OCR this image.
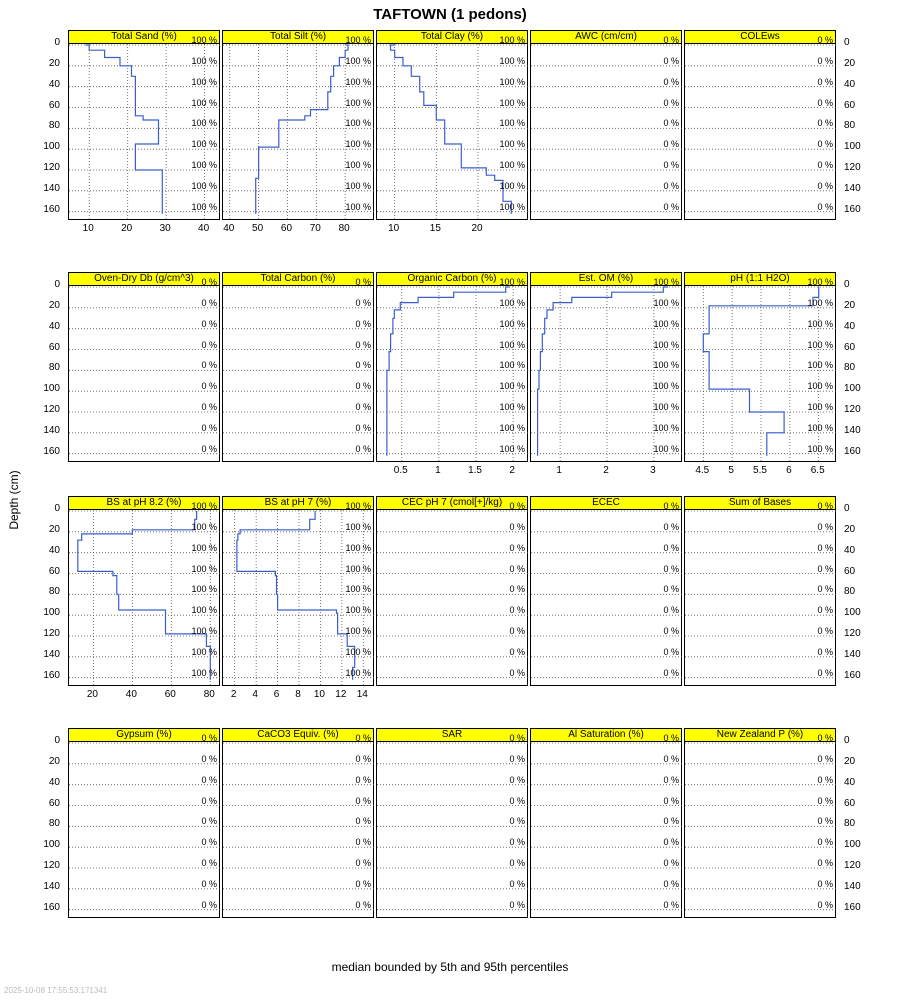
TAFTOWN (1 pedons)
Depth (cm)
10	20	30	40
Total Sand (%)	100 %
100 %
100 %
100 %
100 %
100 %
100 %
100 %
100 %
40 50 60 70 80
Total Silt (%)	100 %
100 %
100 %
100 %
100 %
100 %
100 %
100 %
100 %
10	15	20
Total Clay (%)	100 %
100 %
100 %
100 %
100 %
100 %
100 %
100 %
100 %
AWC (cm/cm)	0 %
0 %
0 %
0 %
0 %
0 %
0 %
0 %
0 %
COLEws	0 %
0 %
0 %
0 %
0 %
0 %
0 %
0 %
0 %
Oven-Dry Db (g/cm^3) 0 %
0 %
0 %
0 %
0 %
0 %
0 %
0 %
0 %
Total Carbon (%)	0 %
0 %
0 %
0 %
0 %
0 %
0 %
0 %
0 %
0.5	1	1.5	2
Organic Carbon (%) 100 %
100 %
100 %
100 %
100 %
100 %
100 %
100 %
100 %
1	2	3
Est. OM (%)	100 %
100 %
100 %
100 %
100 %
100 %
100 %
100 %
100 %
4.5 5 5.5 6 6.5
pH (1:1 H2O)	100 %
100 %
100 %
100 %
100 %
100 %
100 %
100 %
100 %
20	40	60	80
BS at pH 8.2 (%)	100 %
100 %
100 %
100 %
100 %
100 %
100 %
100 %
100 %
2 4 6 8 10 12 14
BS at pH 7 (%)	100 %
100 %
100 %
100 %
100 %
100 %
100 %
100 %
100 %
CEC pH 7 (cmol[+]/kg) 0 %
0 %
0 %
0 %
0 %
0 %
0 %
0 %
0 %
ECEC	0 %
0 %
0 %
0 %
0 %
0 %
0 %
0 %
0 %
Sum of Bases	0 %
0 %
0 %
0 %
0 %
0 %
0 %
0 %
0 %
Gypsum (%)	0 %
0 %
0 %
0 %
0 %
0 %
0 %
0 %
0 %
CaCO3 Equiv. (%)	0 %
0 %
0 %
0 %
0 %
0 %
0 %
0 %
0 %
SAR	0 %
0 %
0 %
0 %
0 %
0 %
0 %
0 %
0 %
Al Saturation (%)	0 %
0 %
0 %
0 %
0 %
0 %
0 %
0 %
0 %
New Zealand P (%)	0 %
0 %
0 %
0 %
0 %
0 %
0 %
0 %
0 %
0	0
20	20
40	40
60	60
80	80
100	100
120	120
140	140
160	160
0	0
20	20
40	40
60	60
80	80
100	100
120	120
140	140
160	160
0	0
20	20
40	40
60	60
80	80
100	100
120	120
140	140
160	160
0	0
20	20
40	40
60	60
80	80
100	100
120	120
140	140
160	160
median bounded by 5th and 95th percentiles
2025-10-08 17:55:53.171341
